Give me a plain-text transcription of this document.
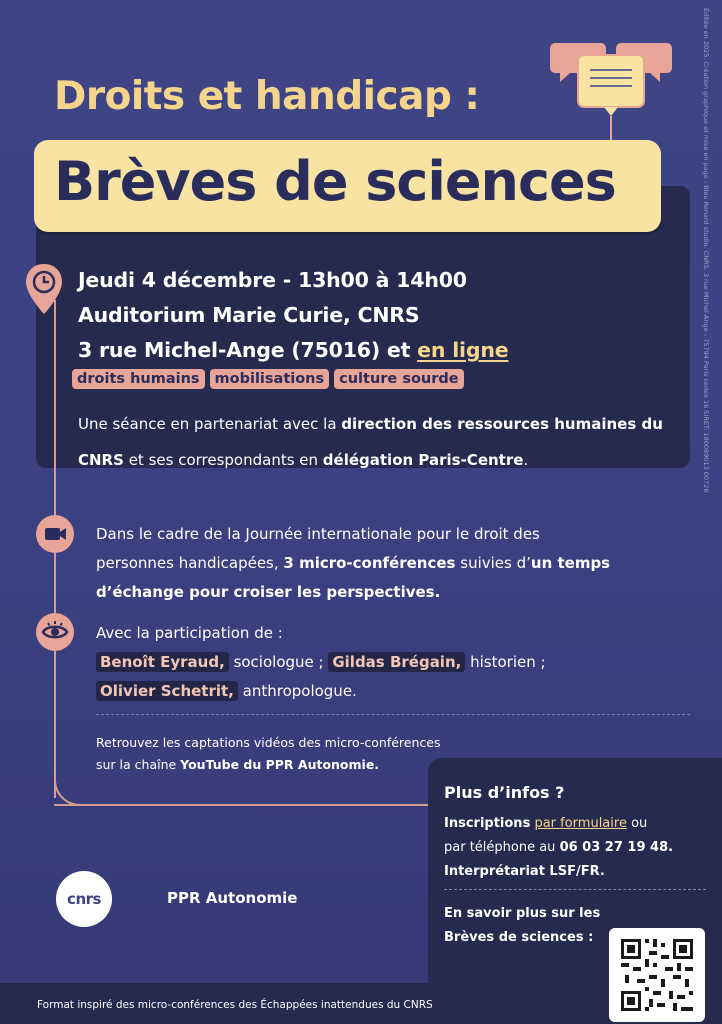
Éditée en 2025. Création graphique et mise en page : Bleu Renard studio. CNRS, 3 rue Michel-Ange - 75794 Paris cedex 16 SIRET: 180089013 00726
Droits et handicap :
Brèves de sciences
Jeudi 4 décembre - 13h00 à 14h00
Auditorium Marie Curie, CNRS
3 rue Michel-Ange (75016) et en ligne
droits humains	mobilisations	culture sourde
Une séance en partenariat avec la direction des ressources humaines du CNRS et ses correspondants en délégation Paris-Centre.
Dans le cadre de la Journée internationale pour le droit des personnes handicapées, 3 micro-conférences suivies d’un temps d’échange pour croiser les perspectives.
Avec la participation de :
Benoît Eyraud, sociologue ; Gildas Brégain, historien ;
Olivier Schetrit, anthropologue.
Retrouvez les captations vidéos des micro-conférences
sur la chaîne YouTube du PPR Autonomie.
Plus d’infos ?
Inscriptions par formulaire ou
par téléphone au 06 03 27 19 48.
Interprétariat LSF/FR.
En savoir plus sur les
Brèves de sciences :
cnrs	PPR Autonomie
Format inspiré des micro-conférences des Échappées inattendues du CNRS
